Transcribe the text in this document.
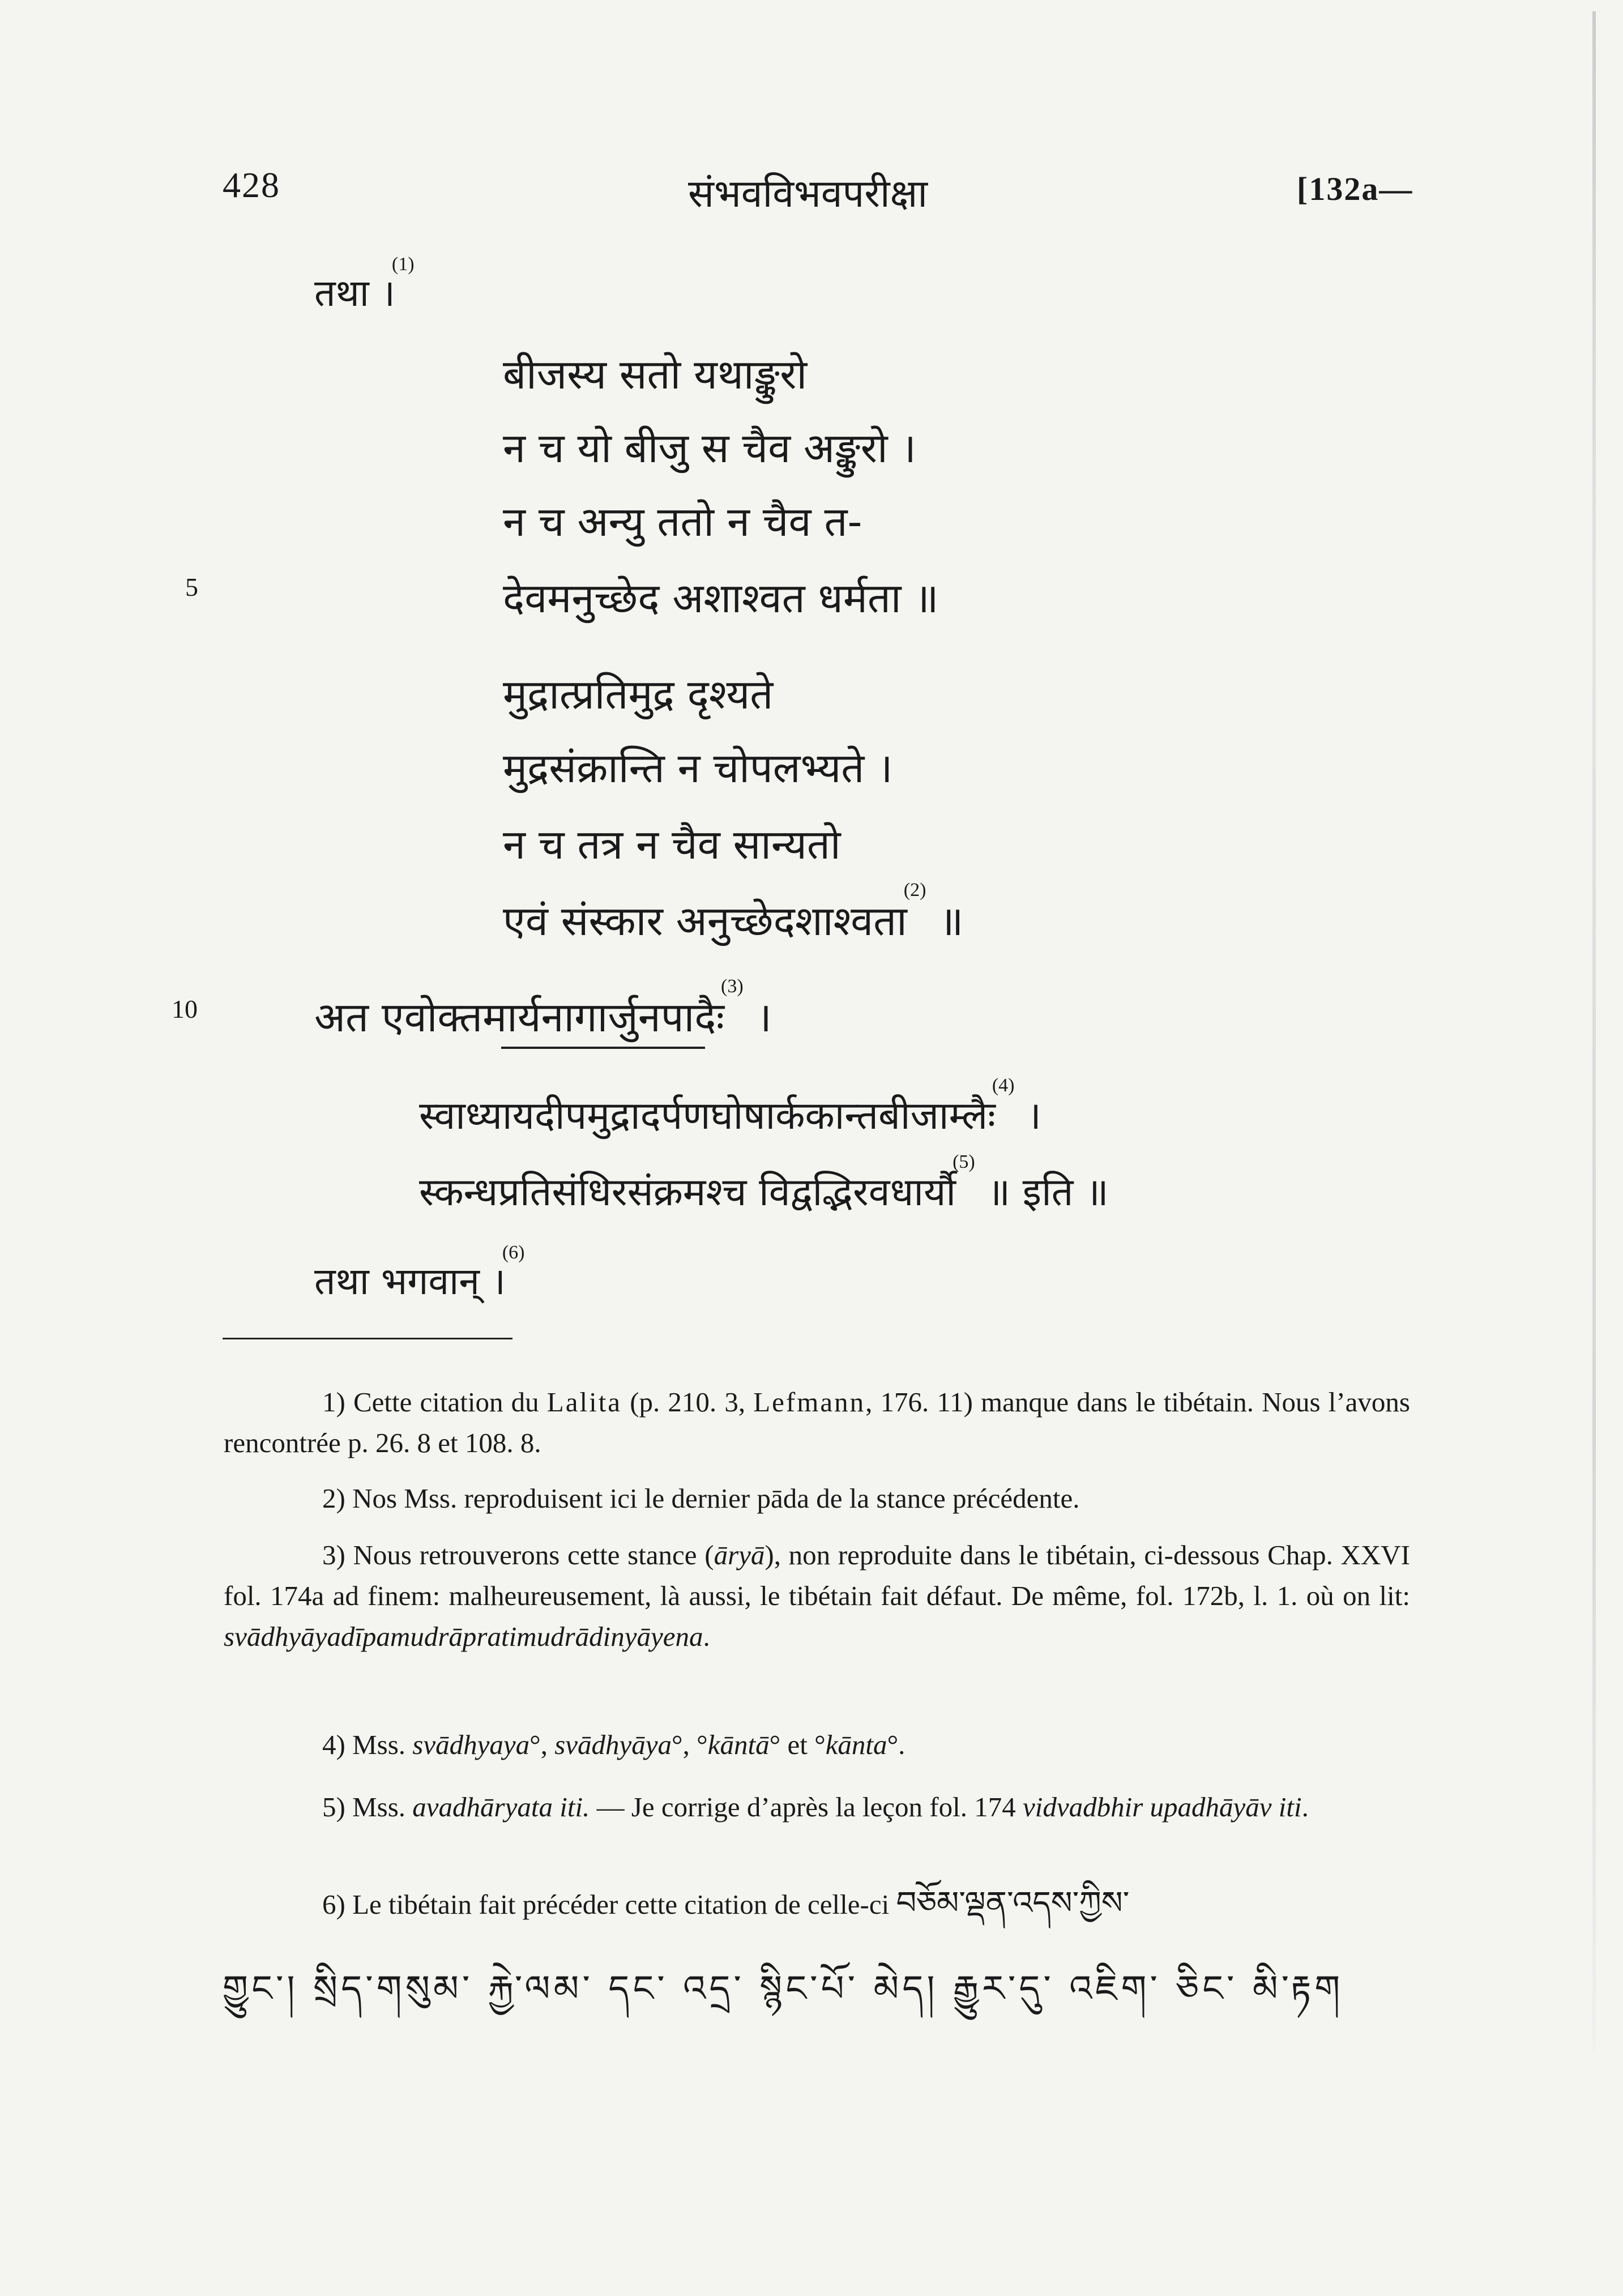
428	संभवविभवपरीक्षा	[132a—
5
10
तथा ।$^{(1)}$
बीजस्य सतो यथाङ्कुरो
न च यो बीजु स चैव अङ्कुरो ।
न च अन्यु ततो न चैव त-
देवमनुच्छेद अशाश्वत धर्मता ॥
मुद्रात्प्रतिमुद्र दृश्यते
मुद्रसंक्रान्ति न चोपलभ्यते ।
न च तत्र न चैव सान्यतो
एवं संस्कार अनुच्छेदशाश्वता$^{(2)}$ ॥
अत एवोक्तमार्यनागार्जुनपादैः$^{(3)}$ ।
स्वाध्यायदीपमुद्रादर्पणघोषार्ककान्तबीजाम्लैः$^{(4)}$ ।
स्कन्धप्रतिसंधिरसंक्रमश्च विद्वद्भिरवधार्यौ$^{(5)}$ ॥ इति ॥
तथा भगवान् ।$^{(6)}$
1) Cette citation du Lalita (p. 210. 3, Lefmann, 176. 11) manque dans le tibétain. Nous l’avons rencontrée p. 26. 8 et 108. 8.
2) Nos Mss. reproduisent ici le dernier pāda de la stance précédente.
3) Nous retrouverons cette stance (āryā), non reproduite dans le tibétain, ci-dessous Chap. XXVI fol. 174a ad finem: malheureusement, là aussi, le tibétain fait défaut. De même, fol. 172b, l. 1. où on lit: svādhyāyadīpamudrāpratimudrādinyāyena.
4) Mss. svādhyaya°, svādhyāya°, °kāntā° et °kānta°.
5) Mss. avadhāryata iti. — Je corrige d’après la leçon fol. 174 vidvadbhir upadhāyāv iti.
6) Le tibétain fait précéder cette citation de celle-ci བཅོམ་ལྡན་འདས་ཀྱིས་
གྱུང་། སྲིད་གསུམ་ རྐྱེ་ལམ་ དང་ འདྲ་ སྙིང་པོ་ མེད། རྒྱུར་དུ་ འཇིག་ ཅིང་ མི་རྟག
